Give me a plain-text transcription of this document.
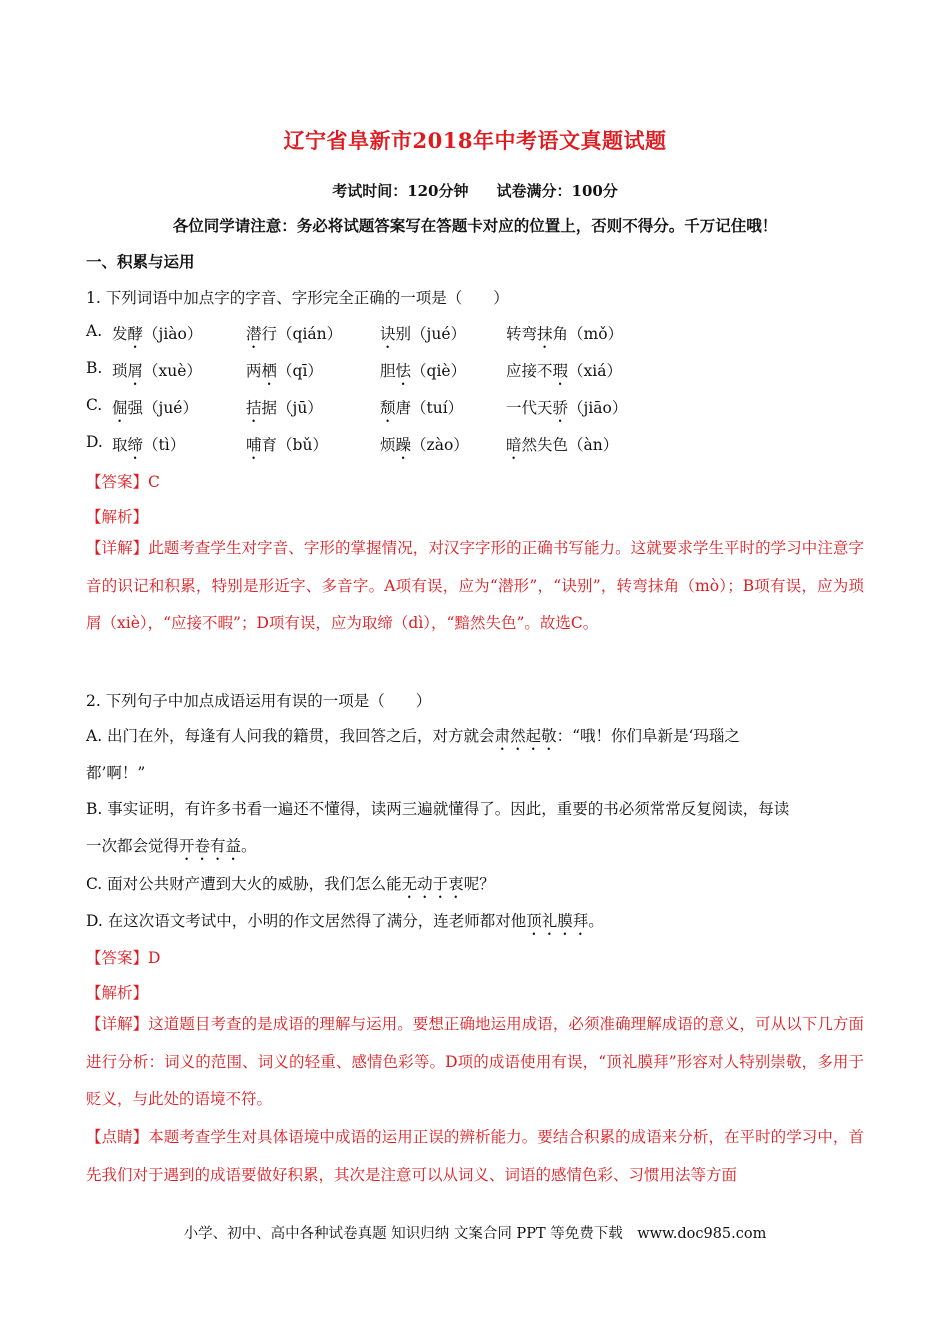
辽宁省阜新市2018年中考语文真题试题
考试时间：120分钟 试卷满分：100分
各位同学请注意：务必将试题答案写在答题卡对应的位置上，否则不得分。千万记住哦！
一、积累与运用
1. 下列词语中加点字的字音、字形完全正确的一项是（　　）
A. 发酵（jiào）	潜行（qián） 诀别（jué）	转弯抹角（mǒ）
B. 琐屑（xuè）	两栖（qī）	胆怯（qiè）	应接不瑕（xiá）
C. 倔强（jué）	拮据（jū）	颓唐（tuí）	一代天骄（jiāo）
D. 取缔（tì）	哺育（bǔ）	烦躁（zào） 暗然失色（àn）
【答案】C
【解析】
【详解】此题考查学生对字音、字形的掌握情况，对汉字字形的正确书写能力。这就要求学生平时的学习中注意字音的识记和积累，特别是形近字、多音字。A项有误，应为“潜形”，“诀别”，转弯抹角（mò）；B项有误，应为琐屑（xiè），“应接不暇”；D项有误，应为取缔（dì），“黯然失色”。故选C。
2. 下列句子中加点成语运用有误的一项是（　　）
A. 出门在外，每逢有人问我的籍贯，我回答之后，对方就会肃然起敬：“哦！你们阜新是‘玛瑙之
都’啊！”
B. 事实证明，有许多书看一遍还不懂得，读两三遍就懂得了。因此，重要的书必须常常反复阅读，每读
一次都会觉得开卷有益。
C. 面对公共财产遭到大火的威胁，我们怎么能无动于衷呢？
D. 在这次语文考试中，小明的作文居然得了满分，连老师都对他顶礼膜拜。
【答案】D
【解析】
【详解】这道题目考查的是成语的理解与运用。要想正确地运用成语，必须准确理解成语的意义，可从以下几方面进行分析：词义的范围、词义的轻重、感情色彩等。D项的成语使用有误，“顶礼膜拜”形容对人特别崇敬，多用于贬义，与此处的语境不符。
【点睛】本题考查学生对具体语境中成语的运用正误的辨析能力。要结合积累的成语来分析，在平时的学习中，首先我们对于遇到的成语要做好积累，其次是注意可以从词义、词语的感情色彩、习惯用法等方面
小学、初中、高中各种试卷真题 知识归纳 文案合同 PPT 等免费下载　www.doc985.com
